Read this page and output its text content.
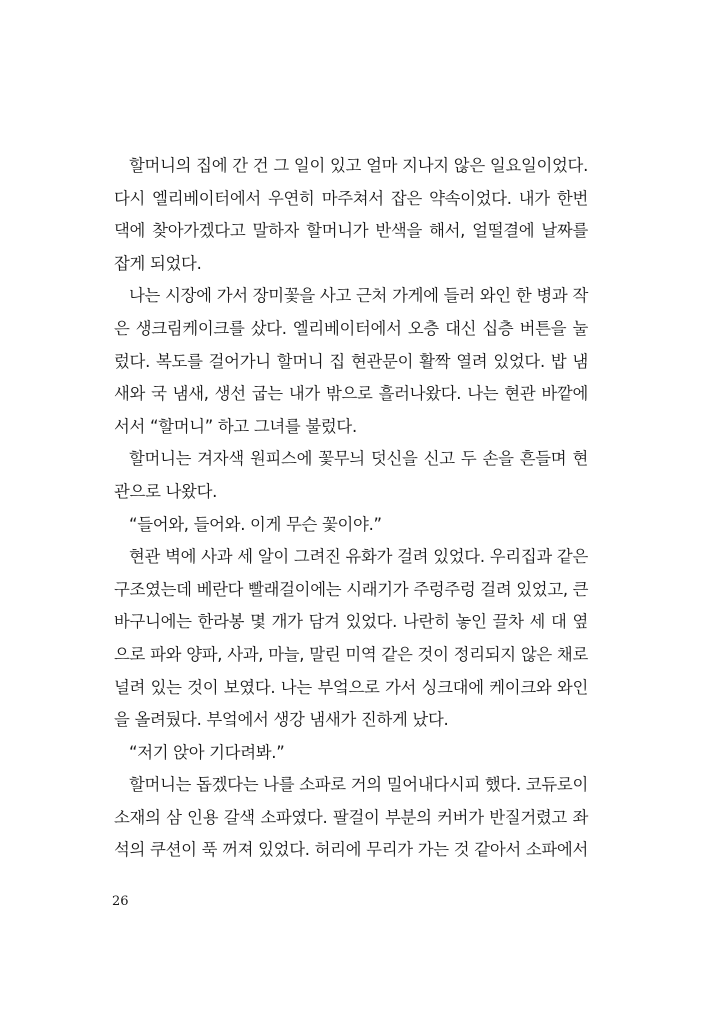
할머니의 집에 간 건 그 일이 있고 얼마 지나지 않은 일요일이었다.
다시 엘리베이터에서 우연히 마주쳐서 잡은 약속이었다. 내가 한번
댁에 찾아가겠다고 말하자 할머니가 반색을 해서, 얼떨결에 날짜를
잡게 되었다.
나는 시장에 가서 장미꽃을 사고 근처 가게에 들러 와인 한 병과 작
은 생크림케이크를 샀다. 엘리베이터에서 오층 대신 십층 버튼을 눌
렀다. 복도를 걸어가니 할머니 집 현관문이 활짝 열려 있었다. 밥 냄
새와 국 냄새, 생선 굽는 내가 밖으로 흘러나왔다. 나는 현관 바깥에
서서 “할머니” 하고 그녀를 불렀다.
할머니는 겨자색 원피스에 꽃무늬 덧신을 신고 두 손을 흔들며 현
관으로 나왔다.
“들어와, 들어와. 이게 무슨 꽃이야.”
현관 벽에 사과 세 알이 그려진 유화가 걸려 있었다. 우리집과 같은
구조였는데 베란다 빨래걸이에는 시래기가 주렁주렁 걸려 있었고, 큰
바구니에는 한라봉 몇 개가 담겨 있었다. 나란히 놓인 끌차 세 대 옆
으로 파와 양파, 사과, 마늘, 말린 미역 같은 것이 정리되지 않은 채로
널려 있는 것이 보였다. 나는 부엌으로 가서 싱크대에 케이크와 와인
을 올려뒀다. 부엌에서 생강 냄새가 진하게 났다.
“저기 앉아 기다려봐.”
할머니는 돕겠다는 나를 소파로 거의 밀어내다시피 했다. 코듀로이
소재의 삼 인용 갈색 소파였다. 팔걸이 부분의 커버가 반질거렸고 좌
석의 쿠션이 푹 꺼져 있었다. 허리에 무리가 가는 것 같아서 소파에서
26
